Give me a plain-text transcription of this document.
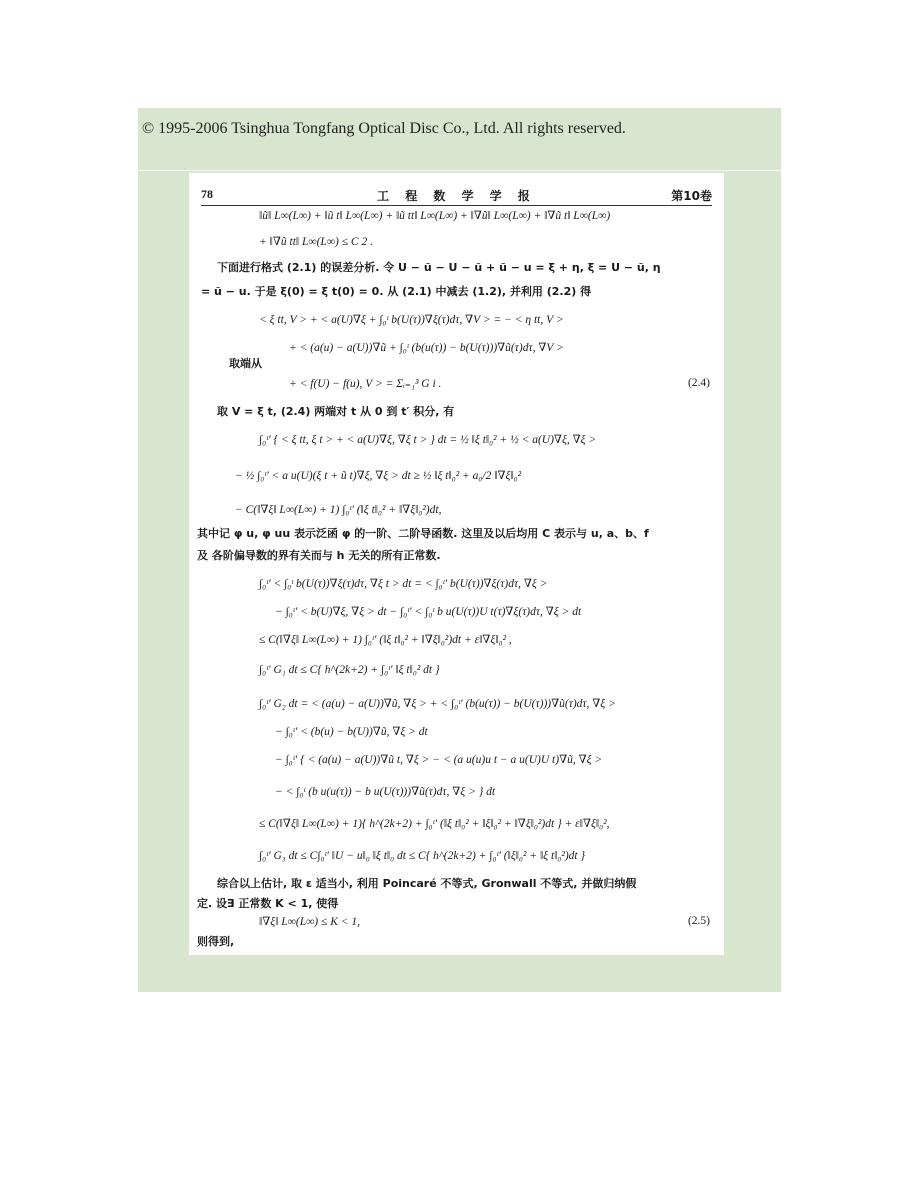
© 1995-2006 Tsinghua Tongfang Optical Disc Co., Ltd. All rights reserved.
78	工 程 数 学 学 报	第10卷
‖ũ‖ L∞(L∞) + ‖ũ t‖ L∞(L∞) + ‖ũ tt‖ L∞(L∞) + ‖∇ũ‖ L∞(L∞) + ‖∇ũ t‖ L∞(L∞)
+ ‖∇ũ tt‖ L∞(L∞) ≤ C 2 .
下面进行格式 (2.1) 的误差分析. 令 U − ũ − U − ũ + ũ − u = ξ + η, ξ = U − ũ, η
= ũ − u. 于是 ξ(0) = ξ t(0) = 0. 从 (2.1) 中减去 (1.2), 并利用 (2.2) 得
< ξ tt, V > + < a(U)∇ξ + ∫₀ᵗ b(U(τ))∇ξ(τ)dτ, ∇V > = − < η tt, V >
+ < (a(u) − a(U))∇ũ + ∫₀ᵗ (b(u(τ)) − b(U(τ)))∇ũ(τ)dτ, ∇V >
取端从
+ < f(U) − f(u), V > = Σᵢ₌₁³ G i .	(2.4)
取 V = ξ t, (2.4) 两端对 t 从 0 到 t′ 积分, 有
∫₀ᵗ′ { < ξ tt, ξ t > + < a(U)∇ξ, ∇ξ t > } dt = ½ ‖ξ t‖₀² + ½ < a(U)∇ξ, ∇ξ >
− ½ ∫₀ᵗ′ < a u(U)(ξ t + ũ t)∇ξ, ∇ξ > dt ≥ ½ ‖ξ t‖₀² + a₀/2 ‖∇ξ‖₀²
− C(‖∇ξ‖ L∞(L∞) + 1) ∫₀ᵗ′ (‖ξ t‖₀² + ‖∇ξ‖₀²)dt,
其中记 φ u, φ uu 表示泛函 φ 的一阶、二阶导函数. 这里及以后均用 C 表示与 u, a、b、f
及 各阶偏导数的界有关而与 h 无关的所有正常数.
∫₀ᵗ′ < ∫₀ᵗ b(U(τ))∇ξ(τ)dτ, ∇ξ t > dt = < ∫₀ᵗ′ b(U(τ))∇ξ(τ)dτ, ∇ξ >
− ∫₀ᵗ′ < b(U)∇ξ, ∇ξ > dt − ∫₀ᵗ′ < ∫₀ᵗ b u(U(τ))U t(τ)∇ξ(τ)dτ, ∇ξ > dt
≤ C(‖∇ξ‖ L∞(L∞) + 1) ∫₀ᵗ′ (‖ξ t‖₀² + ‖∇ξ‖₀²)dt + ε‖∇ξ‖₀² ,
∫₀ᵗ′ G₁ dt ≤ C{ h^(2k+2) + ∫₀ᵗ′ ‖ξ t‖₀² dt }
∫₀ᵗ′ G₂ dt = < (a(u) − a(U))∇ũ, ∇ξ > + < ∫₀ᵗ′ (b(u(τ)) − b(U(τ)))∇ũ(τ)dτ, ∇ξ >
− ∫₀ᵗ′ < (b(u) − b(U))∇ũ, ∇ξ > dt
− ∫₀ᵗ′ { < (a(u) − a(U))∇ũ t, ∇ξ > − < (a u(u)u t − a u(U)U t)∇ũ, ∇ξ >
− < ∫₀ᵗ (b u(u(τ)) − b u(U(τ)))∇ũ(τ)dτ, ∇ξ > } dt
≤ C(‖∇ξ‖ L∞(L∞) + 1){ h^(2k+2) + ∫₀ᵗ′ (‖ξ t‖₀² + ‖ξ‖₀² + ‖∇ξ‖₀²)dt } + ε‖∇ξ‖₀²,
∫₀ᵗ′ G₃ dt ≤ C∫₀ᵗ′ ‖U − u‖₀ ‖ξ t‖₀ dt ≤ C{ h^(2k+2) + ∫₀ᵗ′ (‖ξ‖₀² + ‖ξ t‖₀²)dt }
综合以上估计, 取 ε 适当小, 利用 Poincaré 不等式, Gronwall 不等式, 并做归纳假
定. 设∃ 正常数 K < 1, 使得
‖∇ξ‖ L∞(L∞) ≤ K < 1,	(2.5)
则得到,
